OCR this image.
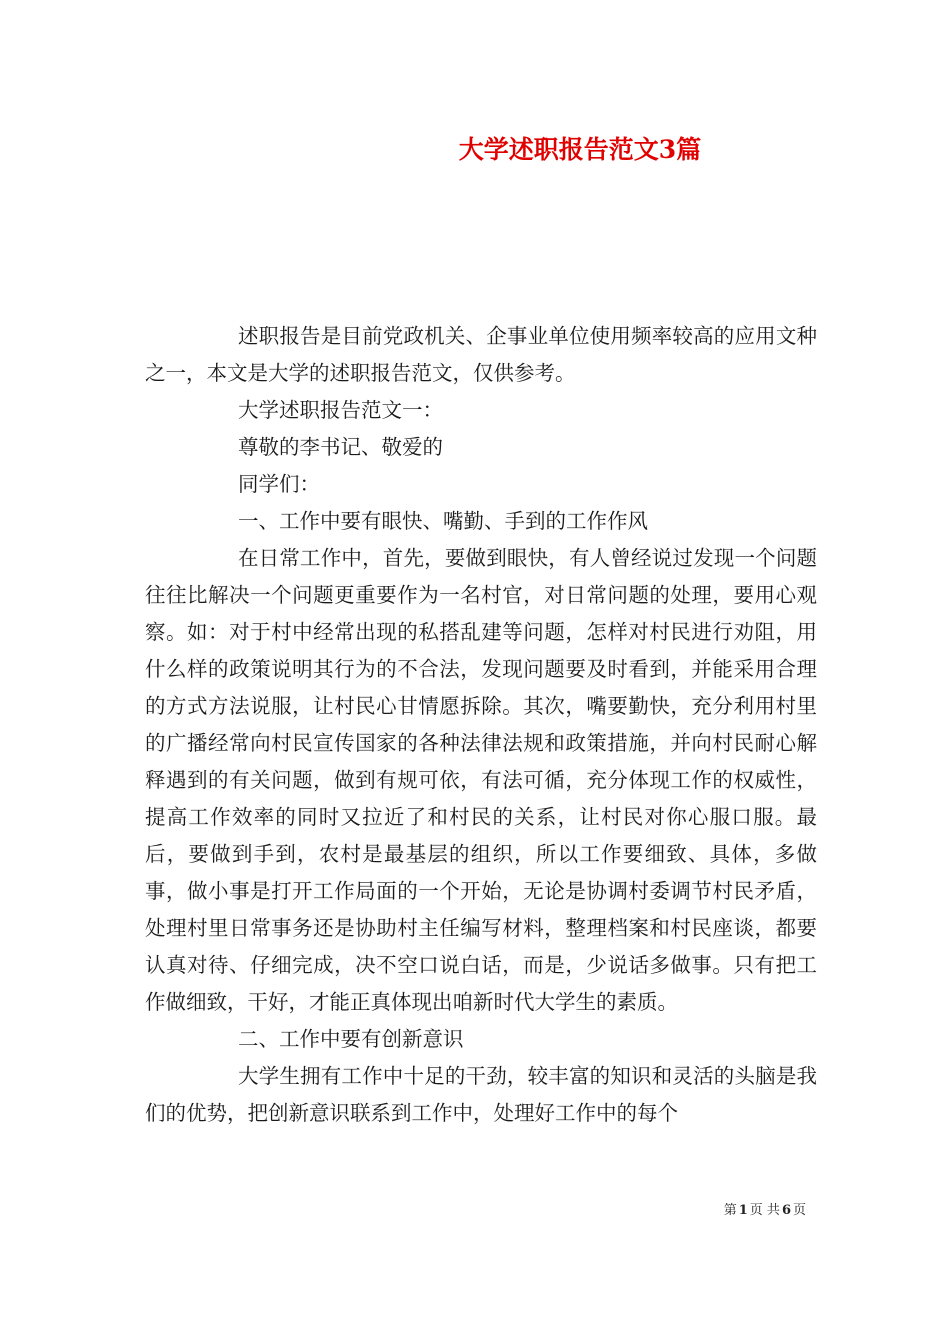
大学述职报告范文3篇

述职报告是目前党政机关、企事业单位使用频率较高的应用文种之一，本文是大学的述职报告范文，仅供参考。

大学述职报告范文一：

尊敬的李书记、敬爱的

同学们：

一、工作中要有眼快、嘴勤、手到的工作作风

在日常工作中，首先，要做到眼快，有人曾经说过发现一个问题往往比解决一个问题更重要作为一名村官，对日常问题的处理，要用心观察。如：对于村中经常出现的私搭乱建等问题，怎样对村民进行劝阻，用什么样的政策说明其行为的不合法，发现问题要及时看到，并能采用合理的方式方法说服，让村民心甘情愿拆除。其次，嘴要勤快，充分利用村里的广播经常向村民宣传国家的各种法律法规和政策措施，并向村民耐心解释遇到的有关问题，做到有规可依，有法可循，充分体现工作的权威性，提高工作效率的同时又拉近了和村民的关系，让村民对你心服口服。最后，要做到手到，农村是最基层的组织，所以工作要细致、具体，多做事，做小事是打开工作局面的一个开始，无论是协调村委调节村民矛盾，处理村里日常事务还是协助村主任编写材料，整理档案和村民座谈，都要认真对待、仔细完成，决不空口说白话，而是，少说话多做事。只有把工作做细致，干好，才能正真体现出咱新时代大学生的素质。

二、工作中要有创新意识

大学生拥有工作中十足的干劲，较丰富的知识和灵活的头脑是我们的优势，把创新意识联系到工作中，处理好工作中的每个

第 1 页 共 6 页
